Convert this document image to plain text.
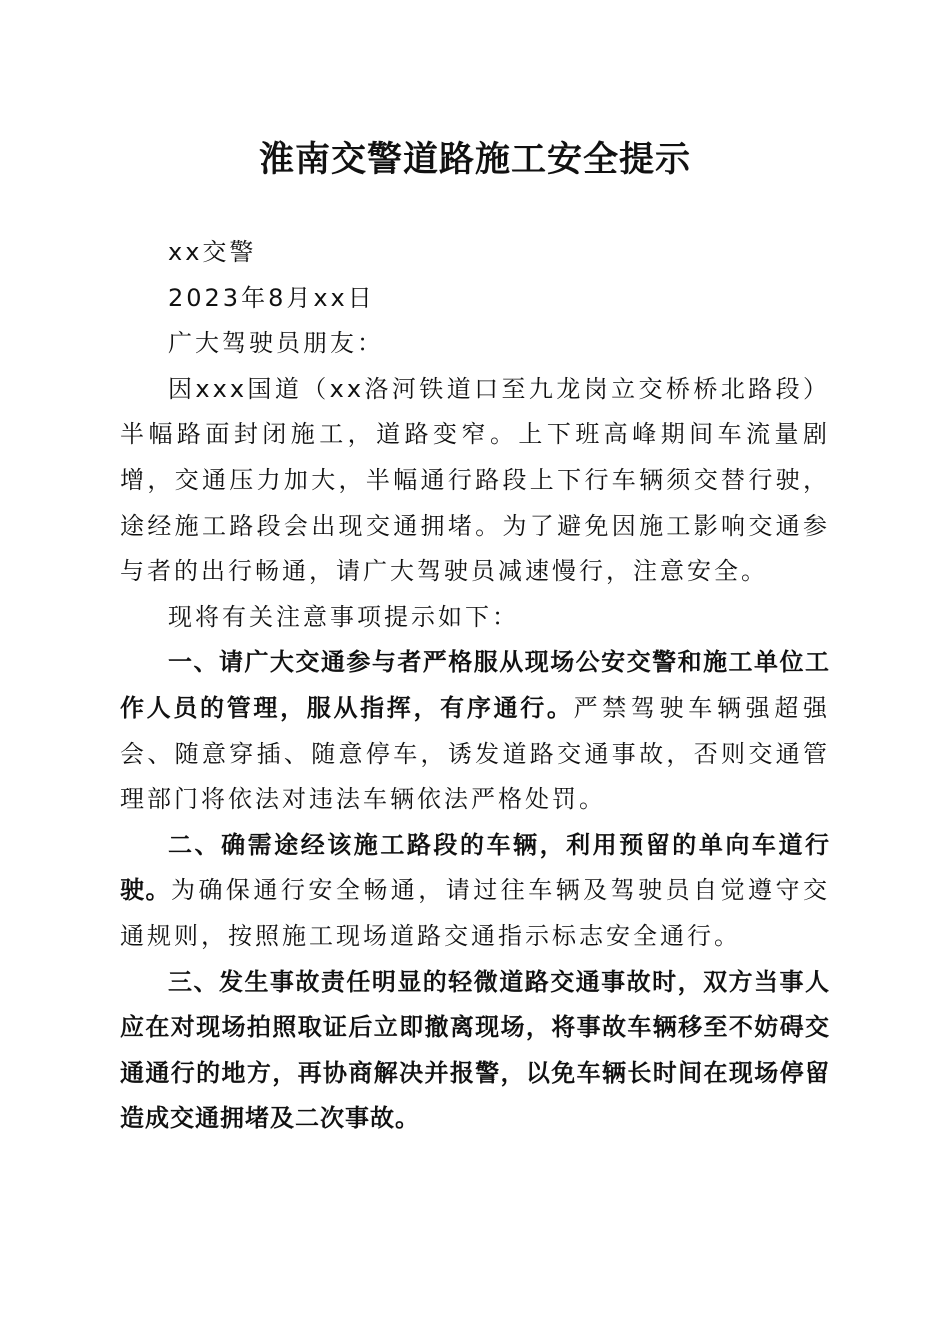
淮南交警道路施工安全提示

xx交警

2023年8月xx日

广大驾驶员朋友：

因xxx国道（xx洛河铁道口至九龙岗立交桥桥北路段）半幅路面封闭施工，道路变窄。上下班高峰期间车流量剧增，交通压力加大，半幅通行路段上下行车辆须交替行驶，途经施工路段会出现交通拥堵。为了避免因施工影响交通参与者的出行畅通，请广大驾驶员减速慢行，注意安全。

现将有关注意事项提示如下：

一、请广大交通参与者严格服从现场公安交警和施工单位工作人员的管理，服从指挥，有序通行。严禁驾驶车辆强超强会、随意穿插、随意停车，诱发道路交通事故，否则交通管理部门将依法对违法车辆依法严格处罚。

二、确需途经该施工路段的车辆，利用预留的单向车道行驶。为确保通行安全畅通，请过往车辆及驾驶员自觉遵守交通规则，按照施工现场道路交通指示标志安全通行。

三、发生事故责任明显的轻微道路交通事故时，双方当事人应在对现场拍照取证后立即撤离现场，将事故车辆移至不妨碍交通通行的地方，再协商解决并报警，以免车辆长时间在现场停留造成交通拥堵及二次事故。
